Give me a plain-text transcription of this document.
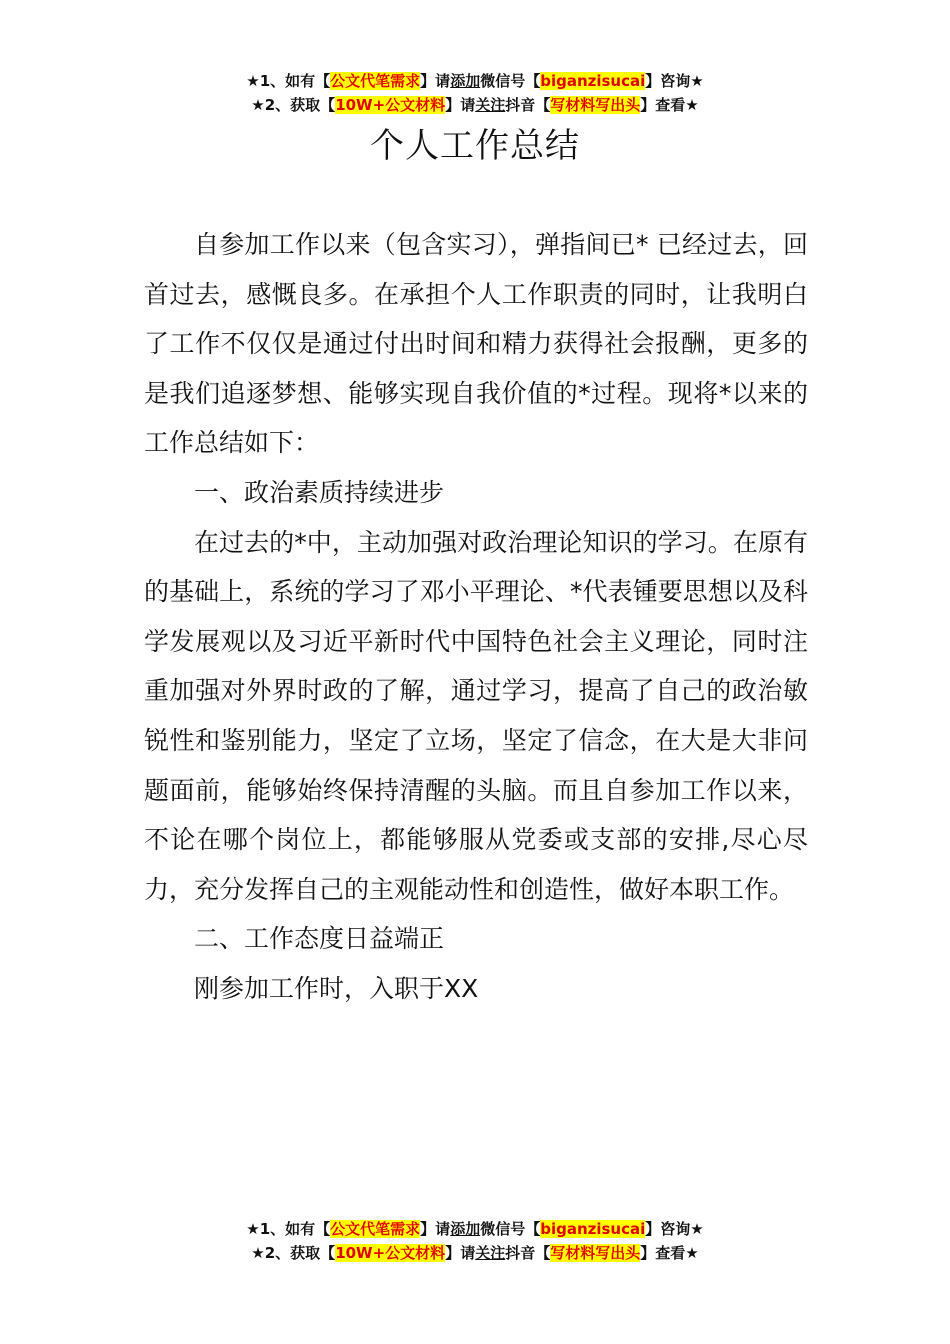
★1、如有【公文代笔需求】请添加微信号【biganzisucai】咨询★
★2、获取【10W+公文材料】请关注抖音【写材料写出头】查看★
个人工作总结

自参加工作以来（包含实习），弹指间已* 已经过去，回首过去，感慨良多。在承担个人工作职责的同时，让我明白了工作不仅仅是通过付出时间和精力获得社会报酬，更多的是我们追逐梦想、能够实现自我价值的*过程。现将*以来的工作总结如下：

一、政治素质持续进步

在过去的*中，主动加强对政治理论知识的学习。在原有的基础上，系统的学习了邓小平理论、*代表锺要思想以及科学发展观以及习近平新时代中国特色社会主义理论，同时注重加强对外界时政的了解，通过学习，提高了自己的政治敏锐性和鉴别能力，坚定了立场，坚定了信念，在大是大非问题面前，能够始终保持清醒的头脑。而且自参加工作以来，不论在哪个岗位上，都能够服从党委或支部的安排,尽心尽力，充分发挥自己的主观能动性和创造性，做好本职工作。

二、工作态度日益端正

刚参加工作时，入职于XX

★1、如有【公文代笔需求】请添加微信号【biganzisucai】咨询★
★2、获取【10W+公文材料】请关注抖音【写材料写出头】查看★
